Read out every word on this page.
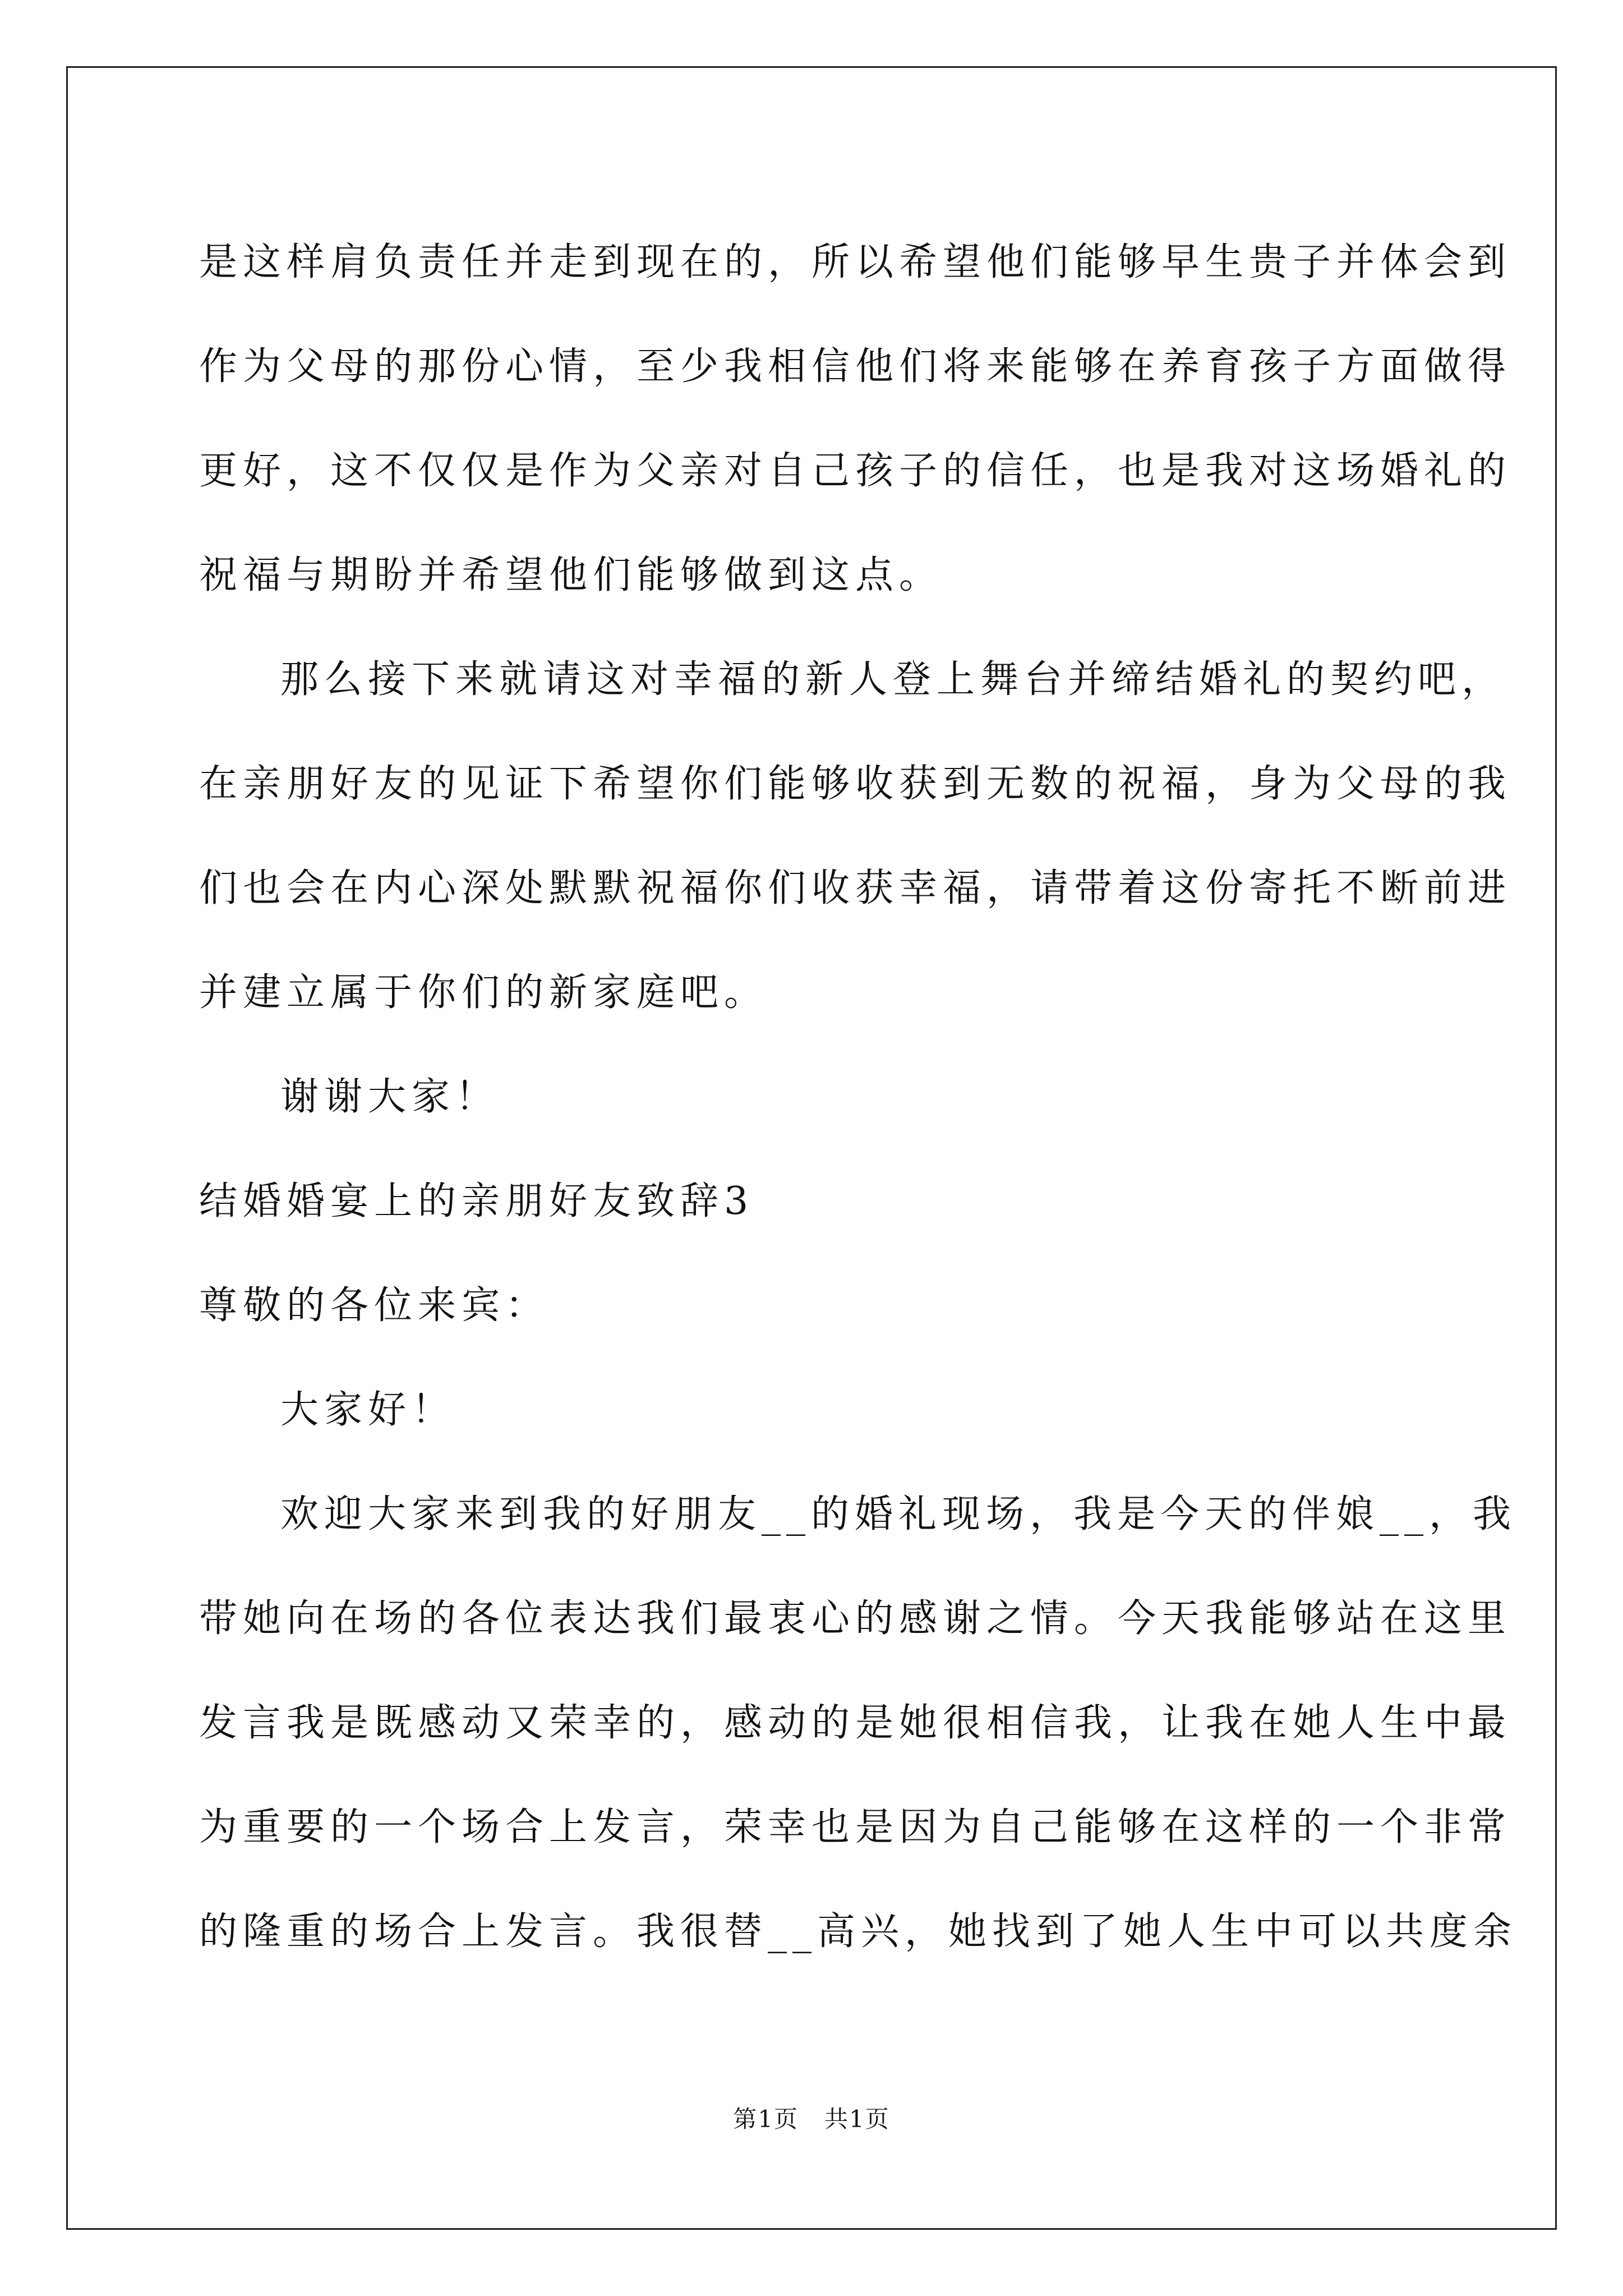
是这样肩负责任并走到现在的，所以希望他们能够早生贵子并体会到
作为父母的那份心情，至少我相信他们将来能够在养育孩子方面做得
更好，这不仅仅是作为父亲对自己孩子的信任，也是我对这场婚礼的
祝福与期盼并希望他们能够做到这点。
那么接下来就请这对幸福的新人登上舞台并缔结婚礼的契约吧，
在亲朋好友的见证下希望你们能够收获到无数的祝福，身为父母的我
们也会在内心深处默默祝福你们收获幸福，请带着这份寄托不断前进
并建立属于你们的新家庭吧。
谢谢大家！
结婚婚宴上的亲朋好友致辞3
尊敬的各位来宾：
大家好！
欢迎大家来到我的好朋友__的婚礼现场，我是今天的伴娘__，我
带她向在场的各位表达我们最衷心的感谢之情。今天我能够站在这里
发言我是既感动又荣幸的，感动的是她很相信我，让我在她人生中最
为重要的一个场合上发言，荣幸也是因为自己能够在这样的一个非常
的隆重的场合上发言。我很替__高兴，她找到了她人生中可以共度余
第1页   共1页
